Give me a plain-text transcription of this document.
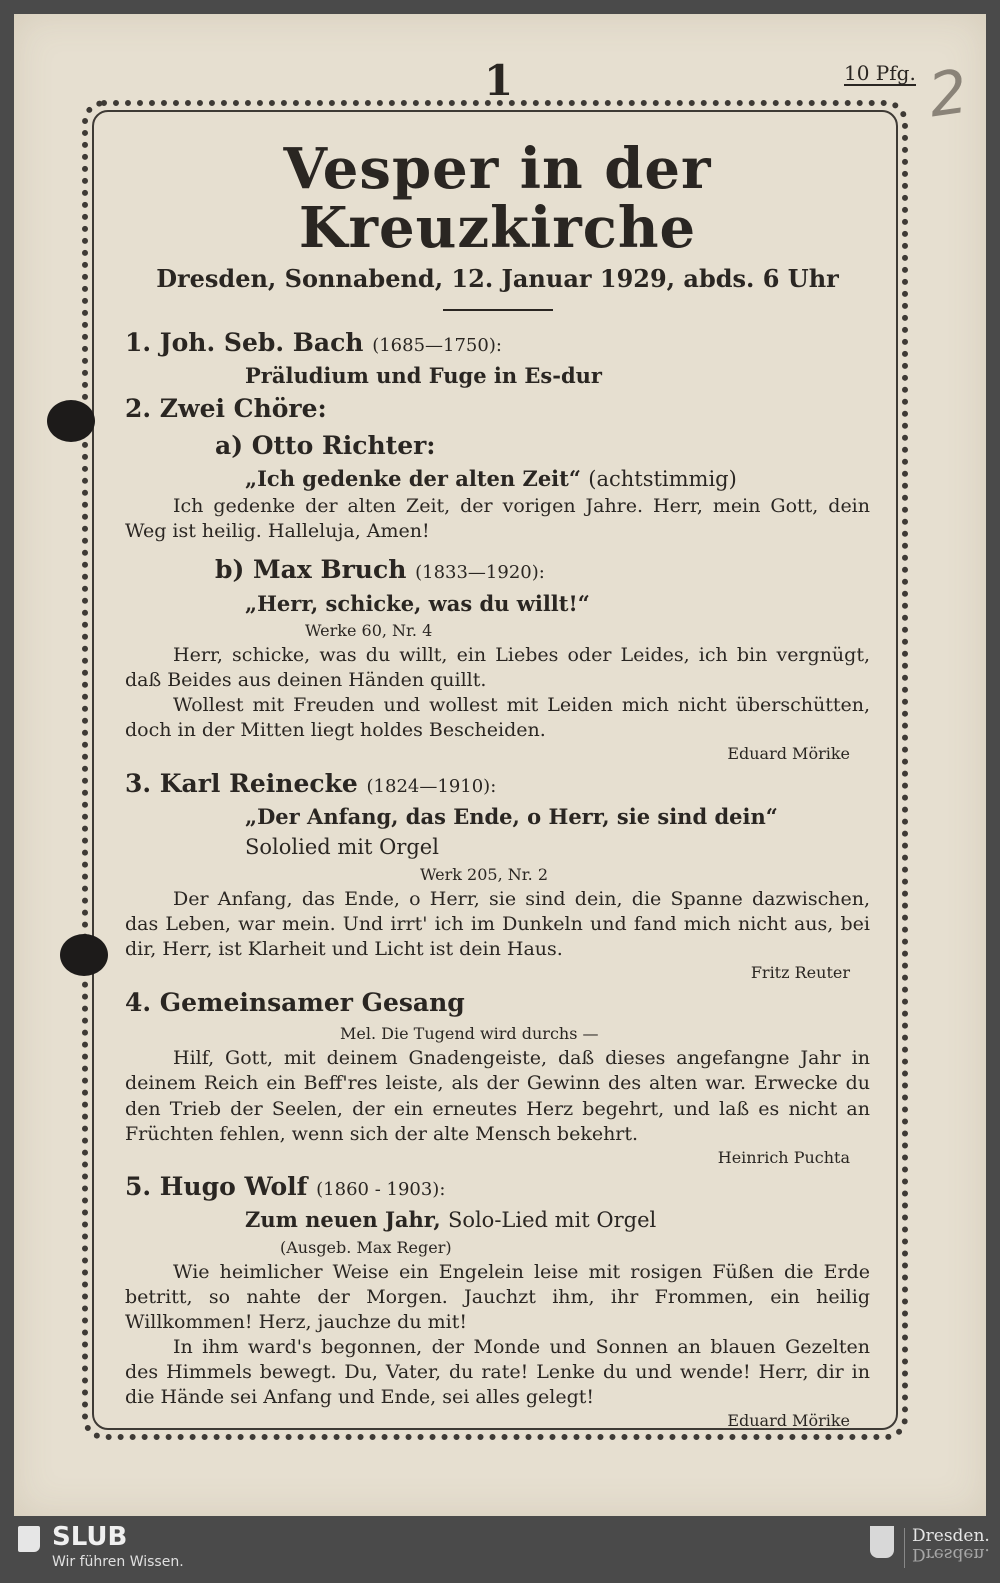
1	10 Pfg. 2
Vesper in der Kreuzkirche
Dresden, Sonnabend, 12. Januar 1929, abds. 6 Uhr
1. Joh. Seb. Bach (1685—1750):
Präludium und Fuge in Es-dur
2. Zwei Chöre:
a) Otto Richter:
„Ich gedenke der alten Zeit“ (achtstimmig)
Ich gedenke der alten Zeit, der vorigen Jahre. Herr, mein Gott, dein Weg ist heilig. Halleluja, Amen!
b) Max Bruch (1833—1920):
„Herr, schicke, was du willt!“
Werke 60, Nr. 4
Herr, schicke, was du willt, ein Liebes oder Leides, ich bin vergnügt, daß Beides aus deinen Händen quillt.
Wollest mit Freuden und wollest mit Leiden mich nicht überschütten, doch in der Mitten liegt holdes Bescheiden.
Eduard Mörike
3. Karl Reinecke (1824—1910):
„Der Anfang, das Ende, o Herr, sie sind dein“
Sololied mit Orgel
Werk 205, Nr. 2
Der Anfang, das Ende, o Herr, sie sind dein, die Spanne dazwischen, das Leben, war mein. Und irrt' ich im Dunkeln und fand mich nicht aus, bei dir, Herr, ist Klarheit und Licht ist dein Haus.
Fritz Reuter
4. Gemeinsamer Gesang
Mel. Die Tugend wird durchs —
Hilf, Gott, mit deinem Gnadengeiste, daß dieses angefangne Jahr in deinem Reich ein Beff'res leiste, als der Gewinn des alten war. Erwecke du den Trieb der Seelen, der ein erneutes Herz begehrt, und laß es nicht an Früchten fehlen, wenn sich der alte Mensch bekehrt.
Heinrich Puchta
5. Hugo Wolf (1860 - 1903):
Zum neuen Jahr, Solo-Lied mit Orgel
(Ausgeb. Max Reger)
Wie heimlicher Weise ein Engelein leise mit rosigen Füßen die Erde betritt, so nahte der Morgen. Jauchzt ihm, ihr Frommen, ein heilig Willkommen! Herz, jauchze du mit!
In ihm ward's begonnen, der Monde und Sonnen an blauen Gezelten des Himmels bewegt. Du, Vater, du rate! Lenke du und wende! Herr, dir in die Hände sei Anfang und Ende, sei alles gelegt!
Eduard Mörike
SLUB
Wir führen Wissen.
Dresden.
Dresden.
